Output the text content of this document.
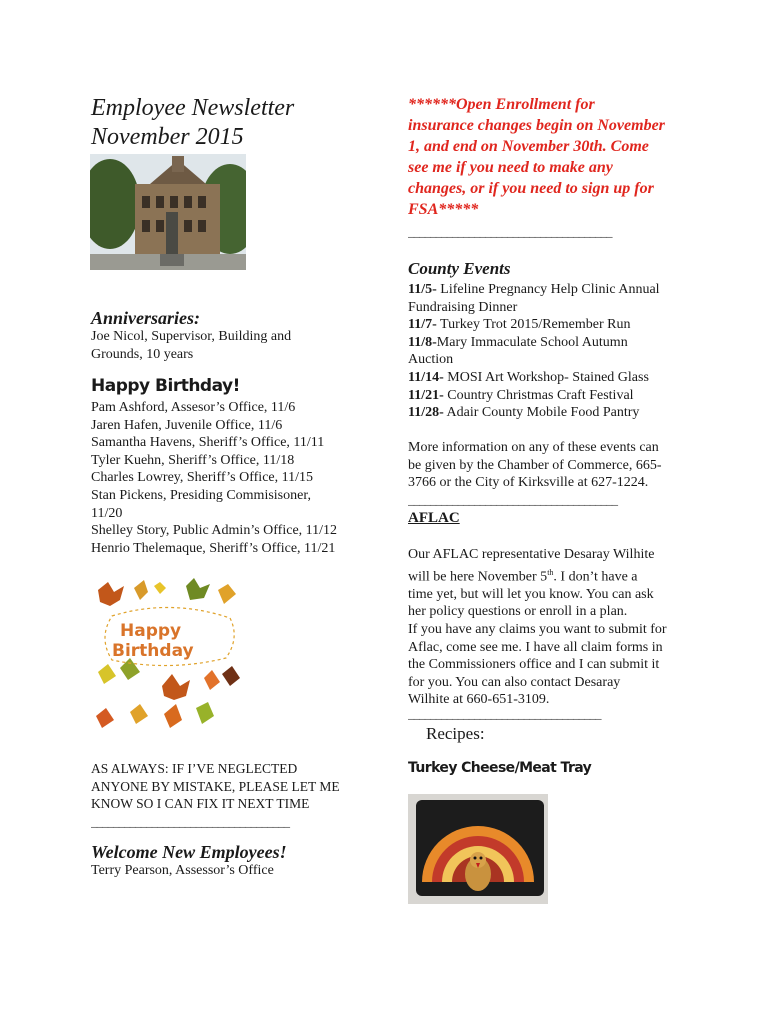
Employee Newsletter
November 2015
Anniversaries:
Joe Nicol, Supervisor, Building and
Grounds, 10 years
Happy Birthday!
Pam Ashford, Assesor’s Office, 11/6
Jaren Hafen, Juvenile Office, 11/6
Samantha Havens, Sheriff’s Office, 11/11
Tyler Kuehn, Sheriff’s Office, 11/18
Charles Lowrey, Sheriff’s Office, 11/15
Stan Pickens, Presiding Commisisoner,
11/20
Shelley Story, Public Admin’s Office, 11/12
Henrio Thelemaque, Sheriff’s Office, 11/21
Happy
Birthday
AS ALWAYS: IF I’VE NEGLECTED
ANYONE BY MISTAKE, PLEASE LET ME
KNOW SO I CAN FIX IT NEXT TIME
____________________________________
Welcome New Employees!
Terry Pearson, Assessor’s Office
******Open Enrollment for
insurance changes begin on November
1, and end on November 30th. Come
see me if you need to make any
changes, or if you need to sign up for
FSA*****
_____________________________________
County Events
11/5- Lifeline Pregnancy Help Clinic Annual
Fundraising Dinner
11/7- Turkey Trot 2015/Remember Run
11/8-Mary Immaculate School Autumn
Auction
11/14- MOSI Art Workshop- Stained Glass
11/21- Country Christmas Craft Festival
11/28- Adair County Mobile Food Pantry
More information on any of these events can
be given by the Chamber of Commerce, 665-
3766 or the City of Kirksville at 627-1224.
______________________________________
AFLAC
Our AFLAC representative Desaray Wilhite
will be here November 5th. I don’t have a
time yet, but will let you know. You can ask
her policy questions or enroll in a plan.
If you have any claims you want to submit for
Aflac, come see me. I have all claim forms in
the Commissioners office and I can submit it
for you. You can also contact Desaray
Wilhite at 660-651-3109.
___________________________________
Recipes:
Turkey Cheese/Meat Tray
